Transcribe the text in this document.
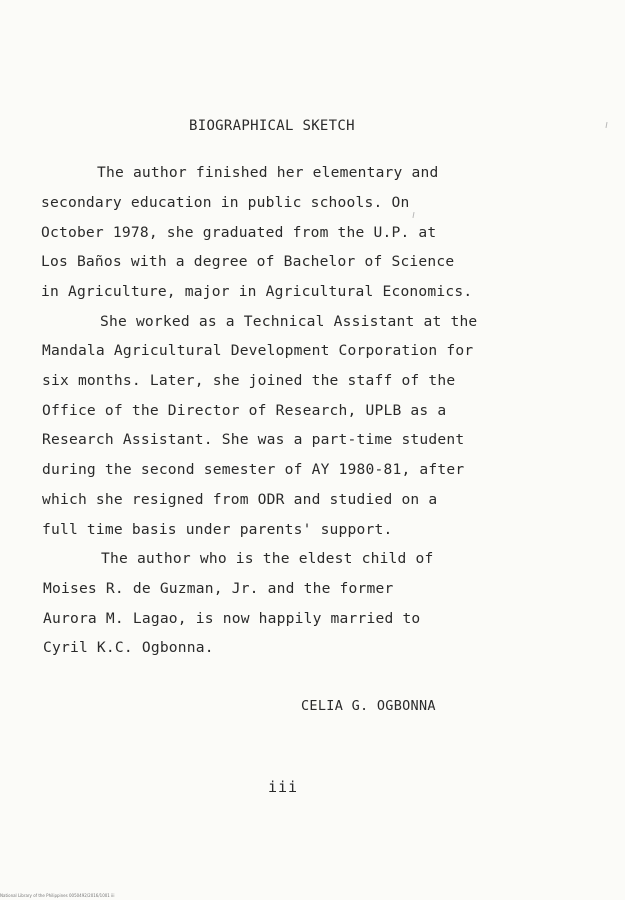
BIOGRAPHICAL SKETCH
The author finished her elementary and
secondary education in public schools. On
October 1978, she graduated from the U.P. at
Los Baños with a degree of Bachelor of Science
in Agriculture, major in Agricultural Economics.
She worked as a Technical Assistant at the
Mandala Agricultural Development Corporation for
six months. Later, she joined the staff of the
Office of the Director of Research, UPLB as a
Research Assistant. She was a part-time student
during the second semester of AY 1980-81, after
which she resigned from ODR and studied on a
full time basis under parents' support.
The author who is the eldest child of
Moises R. de Guzman, Jr. and the former
Aurora M. Lagao, is now happily married to
Cyril K.C. Ogbonna.
CELIA G. OGBONNA
iii
National Library of the Philippines 0050492/2016/1001 iii
